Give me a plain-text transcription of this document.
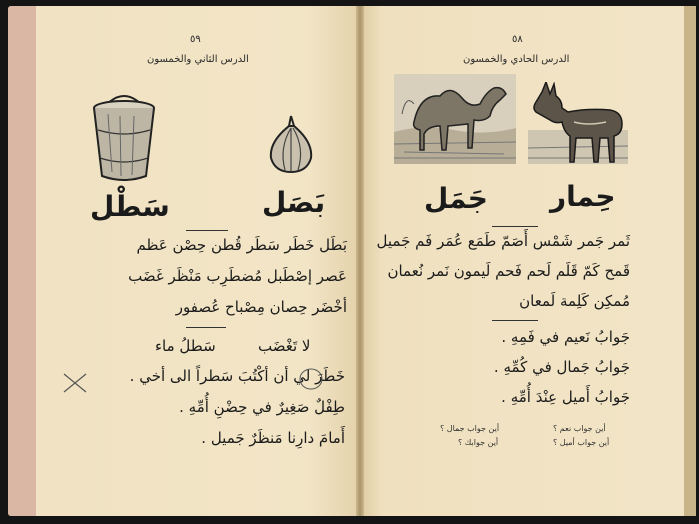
٥٩
الدرس الثاني والخمسون
سَطْل	بَصَل
بَطَل خَطَر سَطَر قُطن حِصْن عَظم
عَصر إصْطَبل مُضطَرِب مَنْظَر غَضَب
أخْضَر حِصان مِصْباح عُصفور
لا تَغْضَب
سَطلُ ماء
خَطَرَ لي أن أكْتُبَ سَطراً الى أخي .
طِفْلٌ صَغِيرٌ في حِضْنِ أُمِّهِ .
أَمامَ دارِنا مَنظَرٌ جَميل .
٥٨
الدرس الحادي والخمسون
حِمار
جَمَل
ثَمر جَمر شَمْس أَصَمّ طَمَع عُمَر فَم جَميل
قَمح كَمّ قَلَم لَحم فَحم لَيمون نَمر نُعمان
مُمكِن كَلِمة لَمعان
جَوابُ نَعيم في فَمِهِ .
جَوابُ جَمال في كُمِّهِ .
جَوابُ أَميل عِنْدَ أُمِّهِ .
أين جواب نعم ؟
أين جواب جمال ؟
أين جواب أميل ؟
أين جوابك ؟
